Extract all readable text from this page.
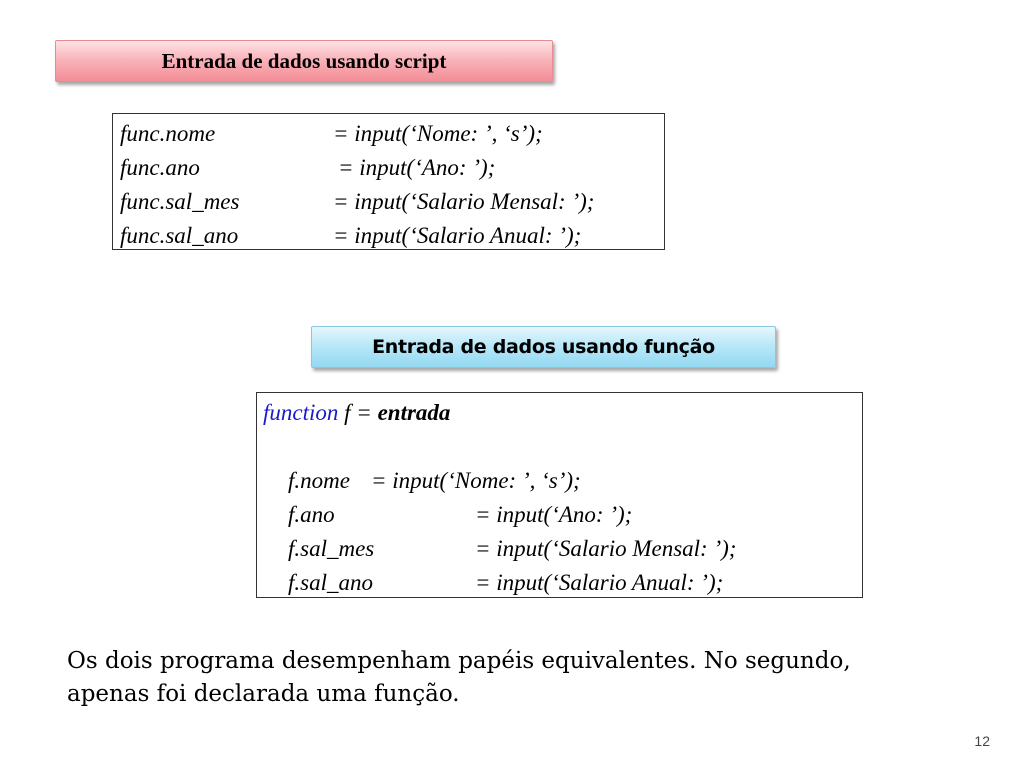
Entrada de dados usando script
func.nome	= input(‘Nome: ’, ‘s’);
func.ano	= input(‘Ano: ’);
func.sal_mes	= input(‘Salario Mensal: ’);
func.sal_ano	= input(‘Salario Anual: ’);
Entrada de dados usando função
function f = entrada
f.nome = input(‘Nome: ’, ‘s’);
f.ano	= input(‘Ano: ’);
f.sal_mes	= input(‘Salario Mensal: ’);
f.sal_ano	= input(‘Salario Anual: ’);
Os dois programa desempenham papéis equivalentes. No segundo, apenas foi declarada uma função.
12
